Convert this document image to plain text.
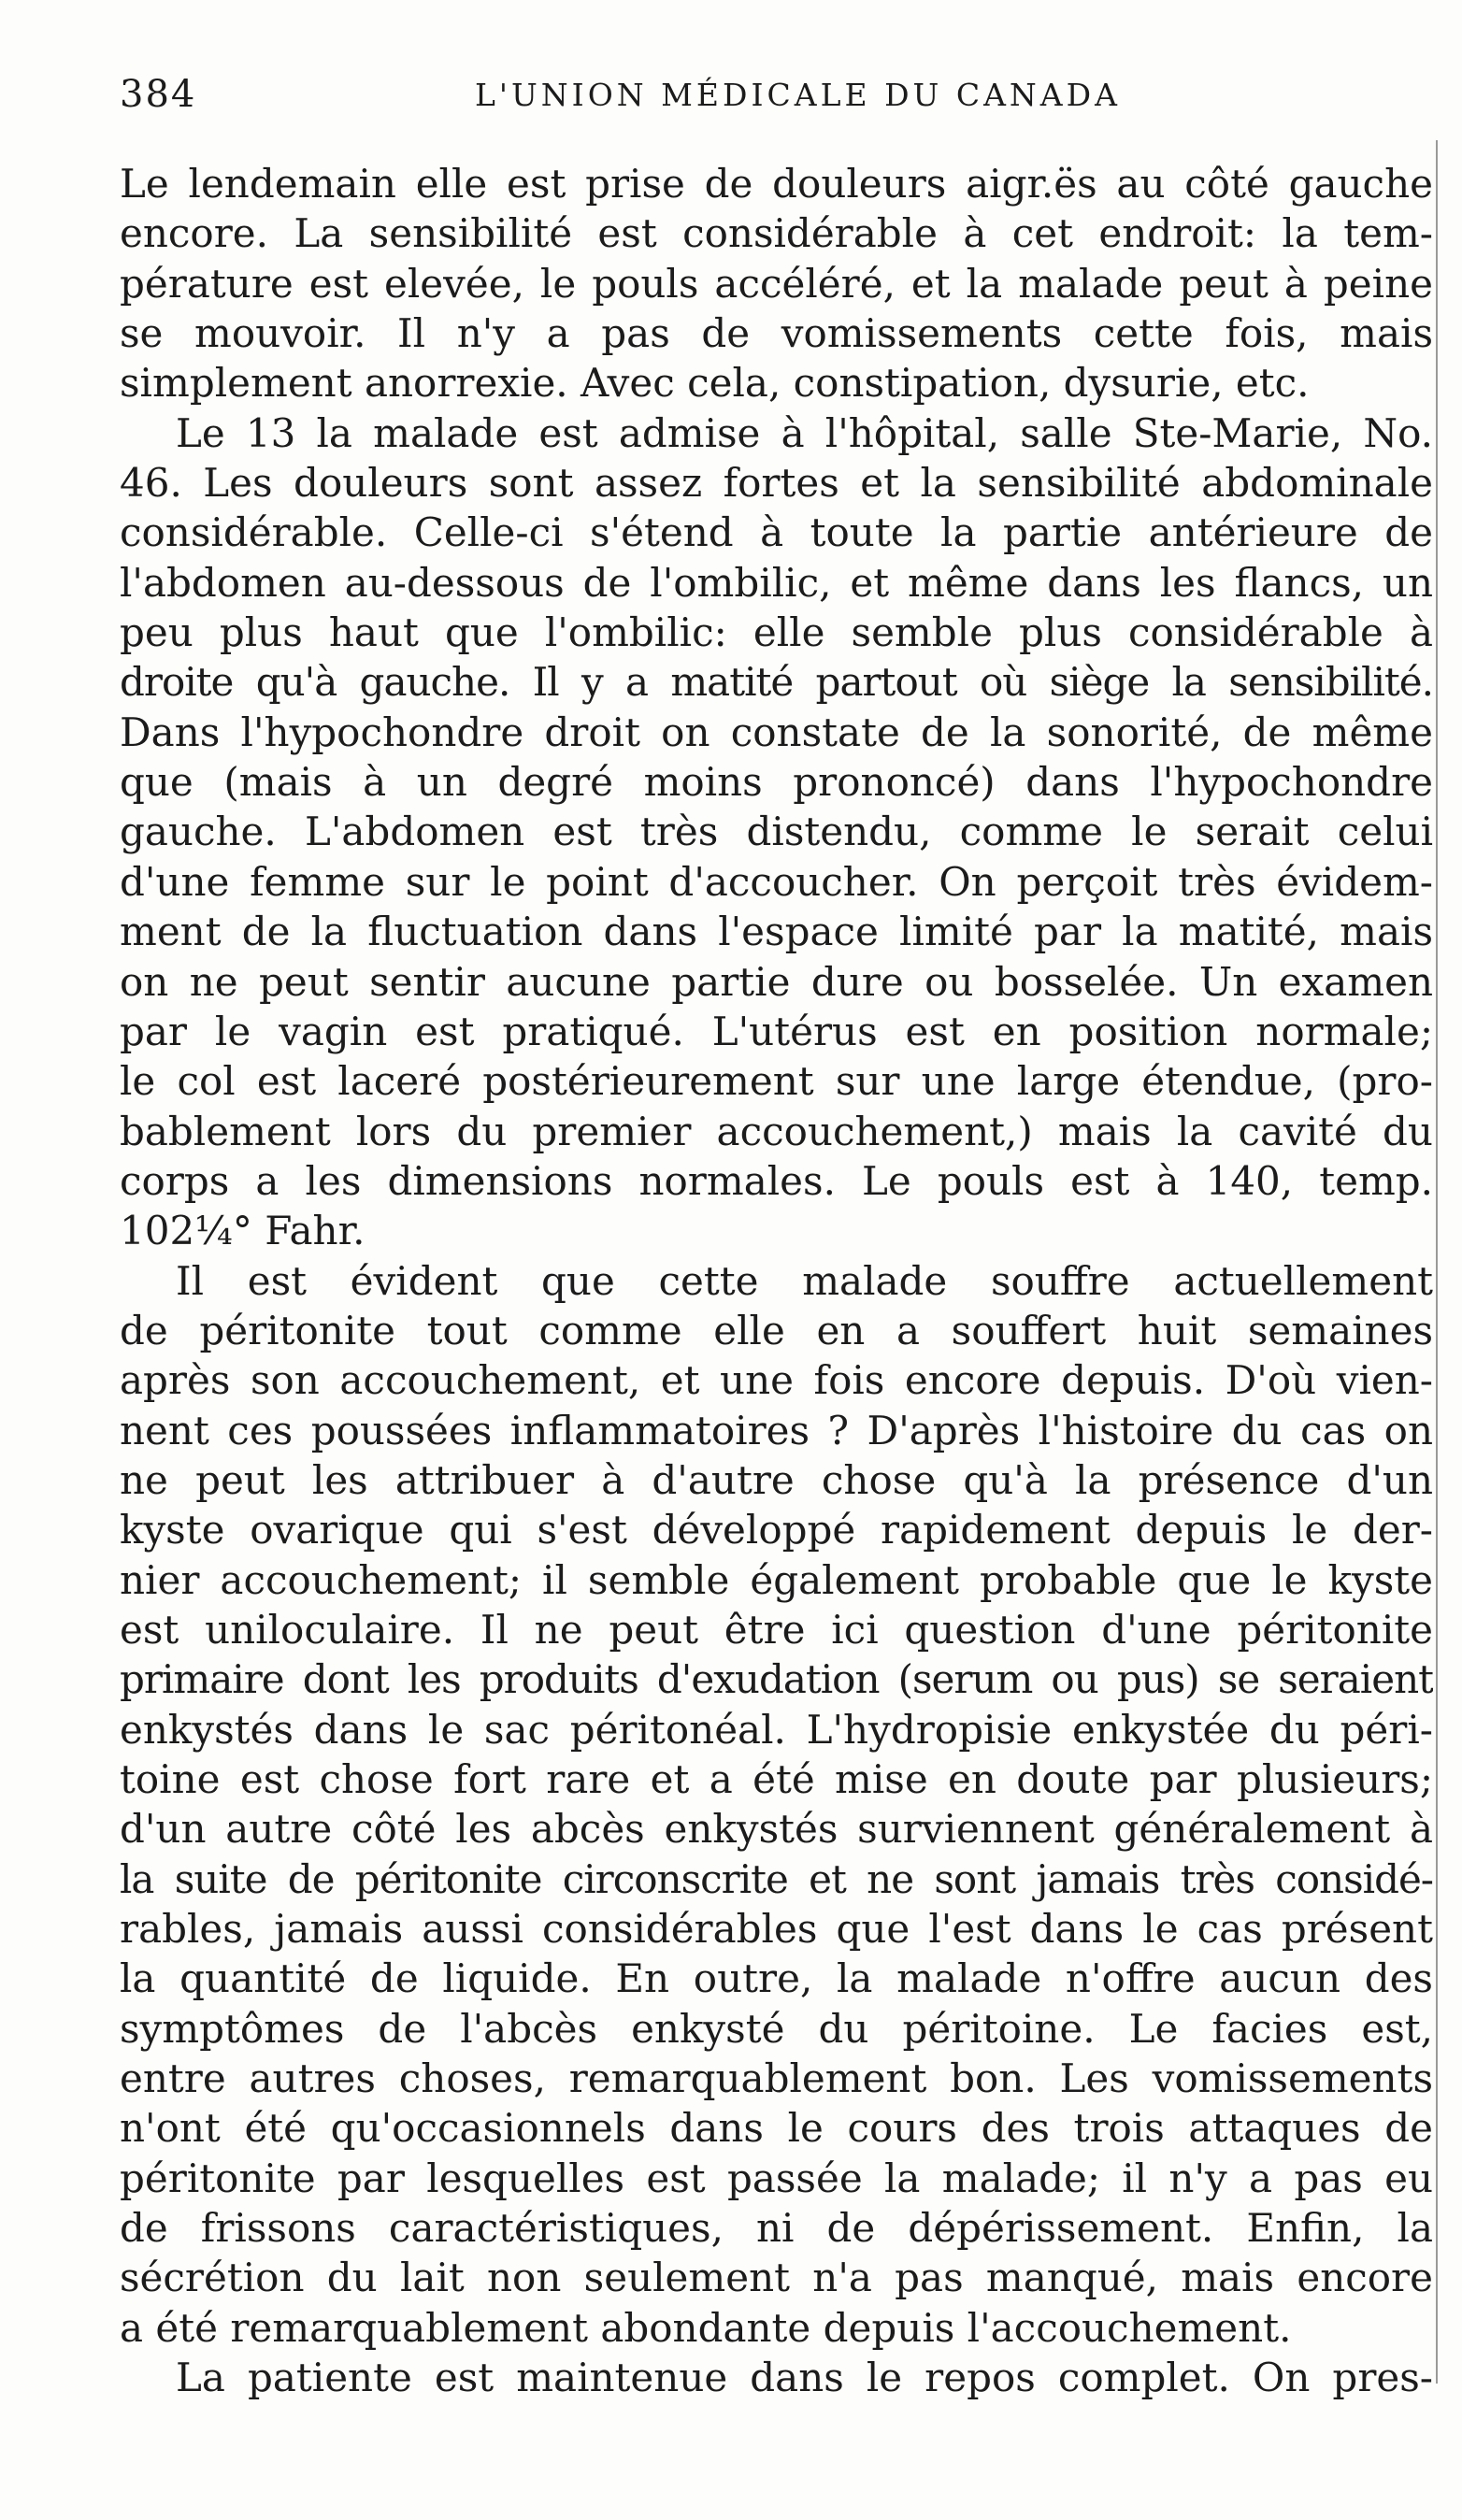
384	L'UNION MÉDICALE DU CANADA
Le lendemain elle est prise de douleurs aigr.ës au côté gauche
encore. La sensibilité est considérable à cet endroit: la tem-
pérature est elevée, le pouls accéléré, et la malade peut à peine
se mouvoir. Il n'y a pas de vomissements cette fois, mais
simplement anorrexie. Avec cela, constipation, dysurie, etc.
Le 13 la malade est admise à l'hôpital, salle Ste-Marie, No.
46. Les douleurs sont assez fortes et la sensibilité abdominale
considérable. Celle-ci s'étend à toute la partie antérieure de
l'abdomen au-dessous de l'ombilic, et même dans les flancs, un
peu plus haut que l'ombilic: elle semble plus considérable à
droite qu'à gauche. Il y a matité partout où siège la sensibilité.
Dans l'hypochondre droit on constate de la sonorité, de même
que (mais à un degré moins prononcé) dans l'hypochondre
gauche. L'abdomen est très distendu, comme le serait celui
d'une femme sur le point d'accoucher. On perçoit très évidem-
ment de la fluctuation dans l'espace limité par la matité, mais
on ne peut sentir aucune partie dure ou bosselée. Un examen
par le vagin est pratiqué. L'utérus est en position normale;
le col est laceré postérieurement sur une large étendue, (pro-
bablement lors du premier accouchement,) mais la cavité du
corps a les dimensions normales. Le pouls est à 140, temp.
102¼° Fahr.
Il est évident que cette malade souffre actuellement
de péritonite tout comme elle en a souffert huit semaines
après son accouchement, et une fois encore depuis. D'où vien-
nent ces poussées inflammatoires ? D'après l'histoire du cas on
ne peut les attribuer à d'autre chose qu'à la présence d'un
kyste ovarique qui s'est développé rapidement depuis le der-
nier accouchement; il semble également probable que le kyste
est uniloculaire. Il ne peut être ici question d'une péritonite
primaire dont les produits d'exudation (serum ou pus) se seraient
enkystés dans le sac péritonéal. L'hydropisie enkystée du péri-
toine est chose fort rare et a été mise en doute par plusieurs;
d'un autre côté les abcès enkystés surviennent généralement à
la suite de péritonite circonscrite et ne sont jamais très considé-
rables, jamais aussi considérables que l'est dans le cas présent
la quantité de liquide. En outre, la malade n'offre aucun des
symptômes de l'abcès enkysté du péritoine. Le facies est,
entre autres choses, remarquablement bon. Les vomissements
n'ont été qu'occasionnels dans le cours des trois attaques de
péritonite par lesquelles est passée la malade; il n'y a pas eu
de frissons caractéristiques, ni de dépérissement. Enfin, la
sécrétion du lait non seulement n'a pas manqué, mais encore
a été remarquablement abondante depuis l'accouchement.
La patiente est maintenue dans le repos complet. On pres-
